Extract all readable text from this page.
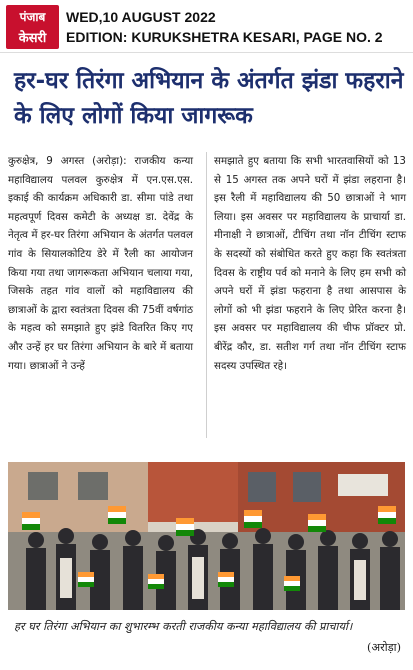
पंजाब
केसरी
WED,10 AUGUST 2022
EDITION: KURUKSHETRA KESARI, PAGE NO. 2
हर-घर तिरंगा अभियान के अंतर्गत झंडा फहराने के लिए लोगों किया जागरूक
कुरुक्षेत्र, 9 अगस्त (अरोड़ा): राजकीय कन्या महाविद्यालय पलवल कुरुक्षेत्र में एन.एस.एस. इकाई की कार्यक्रम अधिकारी डा. सीमा पांडे तथा महत्वपूर्ण दिवस कमेटी के अध्यक्ष डा. देवेंद्र के नेतृत्व में हर-घर तिरंगा अभियान के अंतर्गत पलवल गांव के सियालकोटिय डेरे में रैली का आयोजन किया गया तथा जागरूकता अभियान चलाया गया, जिसके तहत गांव वालों को महाविद्यालय की छात्राओं के द्वारा स्वतंत्रता दिवस की 75वीं वर्षगांठ के महत्व को समझाते हुए झंडे वितरित किए गए और उन्हें हर घर तिरंगा अभियान के बारे में बताया गया। छात्राओं ने उन्हें
समझाते हुए बताया कि सभी भारतवासियों को 13 से 15 अगस्त तक अपने घरों में झंडा लहराना है। इस रैली में महाविद्यालय की 50 छात्राओं ने भाग लिया। इस अवसर पर महाविद्यालय के प्राचार्या डा. मीनाक्षी ने छात्राओं, टीचिंग तथा नॉन टीचिंग स्टाफ के सदस्यों को संबोधित करते हुए कहा कि स्वतंत्रता दिवस के राष्ट्रीय पर्व को मनाने के लिए हम सभी को अपने घरों में झंडा फहराना है तथा आसपास के लोगों को भी झंडा फहराने के लिए प्रेरित करना है। इस अवसर पर महाविद्यालय की चीफ प्रॉक्टर प्रो. बीरेंद्र कौर, डा. सतीश गर्ग तथा नॉन टीचिंग स्टाफ सदस्य उपस्थित रहे।
हर घर तिरंगा अभियान का शुभारम्भ करती राजकीय कन्या महाविद्यालय की प्राचार्या।
(अरोड़ा)
